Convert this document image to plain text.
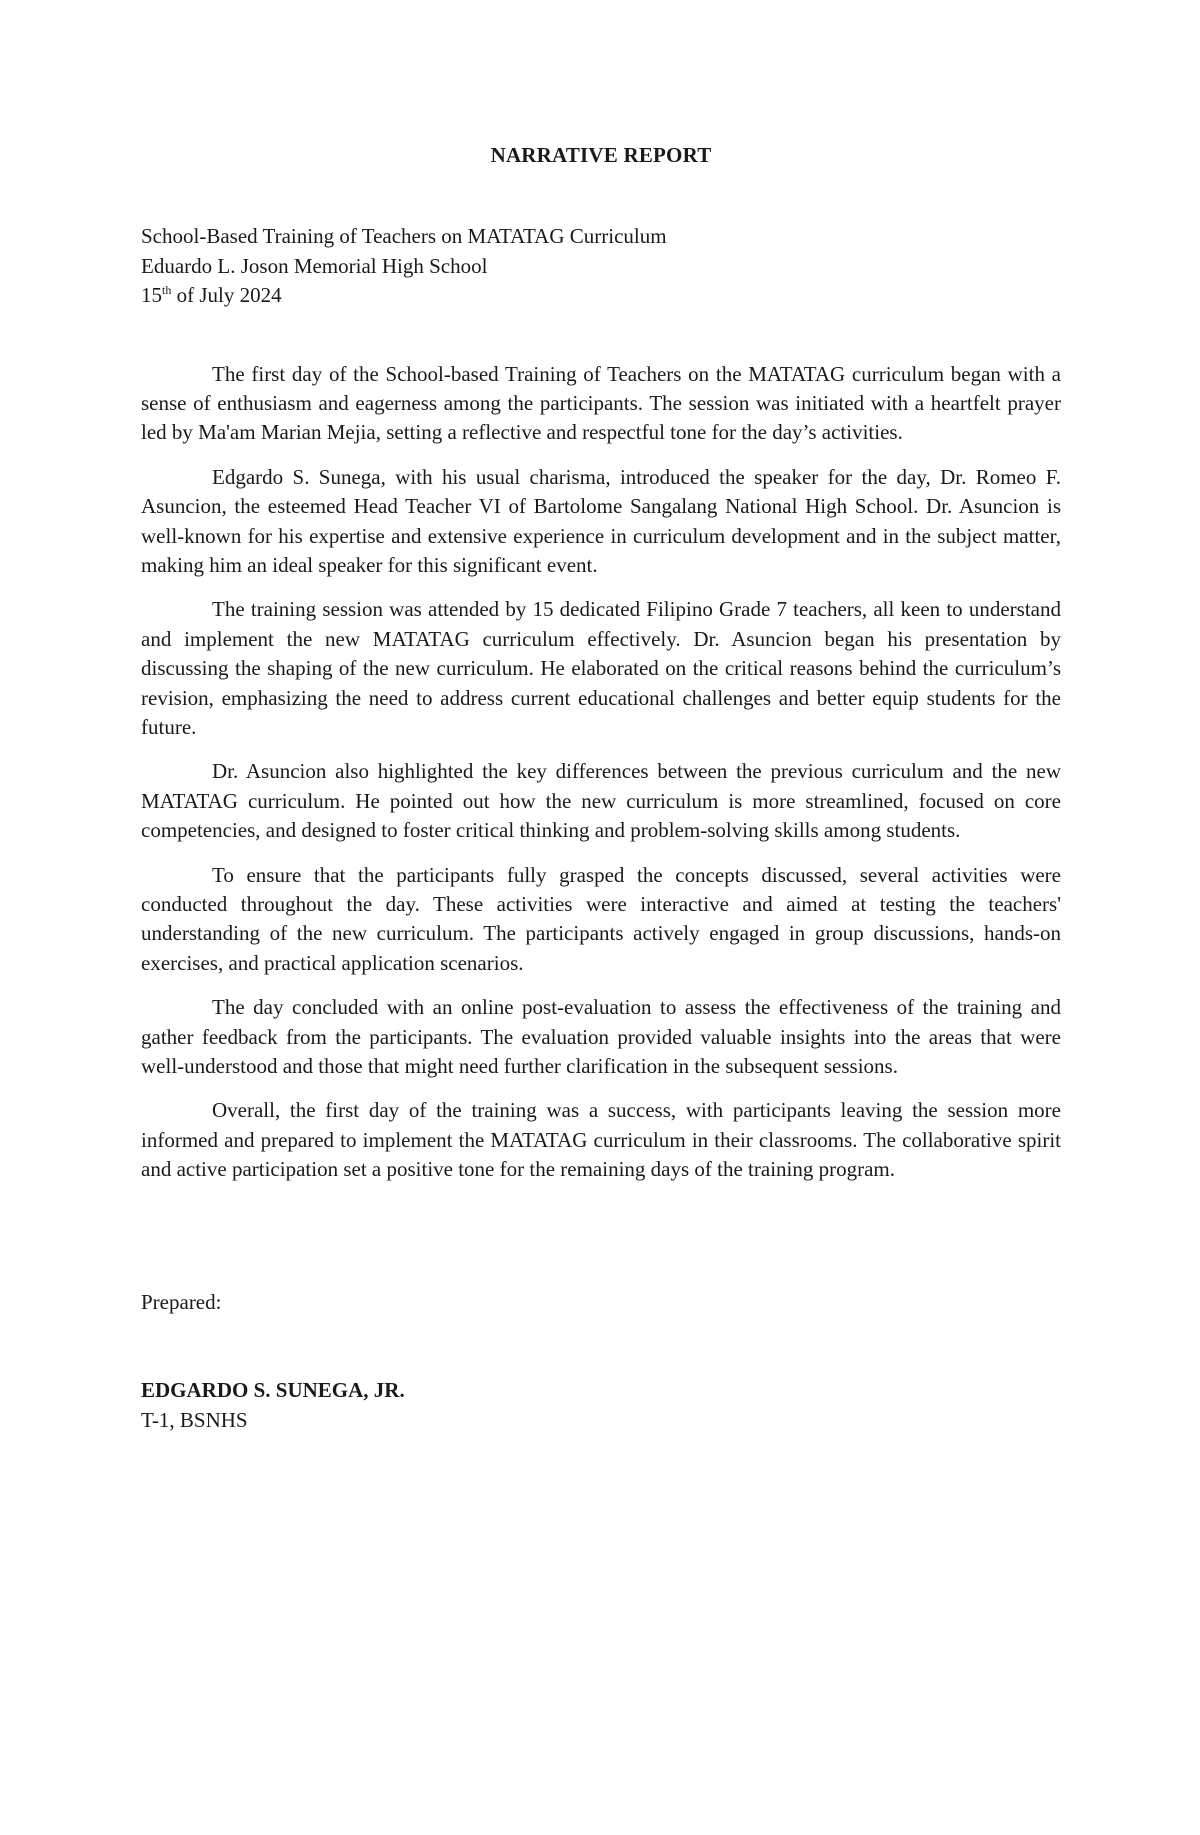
NARRATIVE REPORT
School-Based Training of Teachers on MATATAG Curriculum
Eduardo L. Joson Memorial High School
15th of July 2024

The first day of the School-based Training of Teachers on the MATATAG curriculum began with a sense of enthusiasm and eagerness among the participants. The session was initiated with a heartfelt prayer led by Ma'am Marian Mejia, setting a reflective and respectful tone for the day’s activities.

Edgardo S. Sunega, with his usual charisma, introduced the speaker for the day, Dr. Romeo F. Asuncion, the esteemed Head Teacher VI of Bartolome Sangalang National High School. Dr. Asuncion is well-known for his expertise and extensive experience in curriculum development and in the subject matter, making him an ideal speaker for this significant event.

The training session was attended by 15 dedicated Filipino Grade 7 teachers, all keen to understand and implement the new MATATAG curriculum effectively. Dr. Asuncion began his presentation by discussing the shaping of the new curriculum. He elaborated on the critical reasons behind the curriculum’s revision, emphasizing the need to address current educational challenges and better equip students for the future.

Dr. Asuncion also highlighted the key differences between the previous curriculum and the new MATATAG curriculum. He pointed out how the new curriculum is more streamlined, focused on core competencies, and designed to foster critical thinking and problem-solving skills among students.

To ensure that the participants fully grasped the concepts discussed, several activities were conducted throughout the day. These activities were interactive and aimed at testing the teachers' understanding of the new curriculum. The participants actively engaged in group discussions, hands-on exercises, and practical application scenarios.

The day concluded with an online post-evaluation to assess the effectiveness of the training and gather feedback from the participants. The evaluation provided valuable insights into the areas that were well-understood and those that might need further clarification in the subsequent sessions.

Overall, the first day of the training was a success, with participants leaving the session more informed and prepared to implement the MATATAG curriculum in their classrooms. The collaborative spirit and active participation set a positive tone for the remaining days of the training program.

Prepared:
EDGARDO S. SUNEGA, JR.
T-1, BSNHS
